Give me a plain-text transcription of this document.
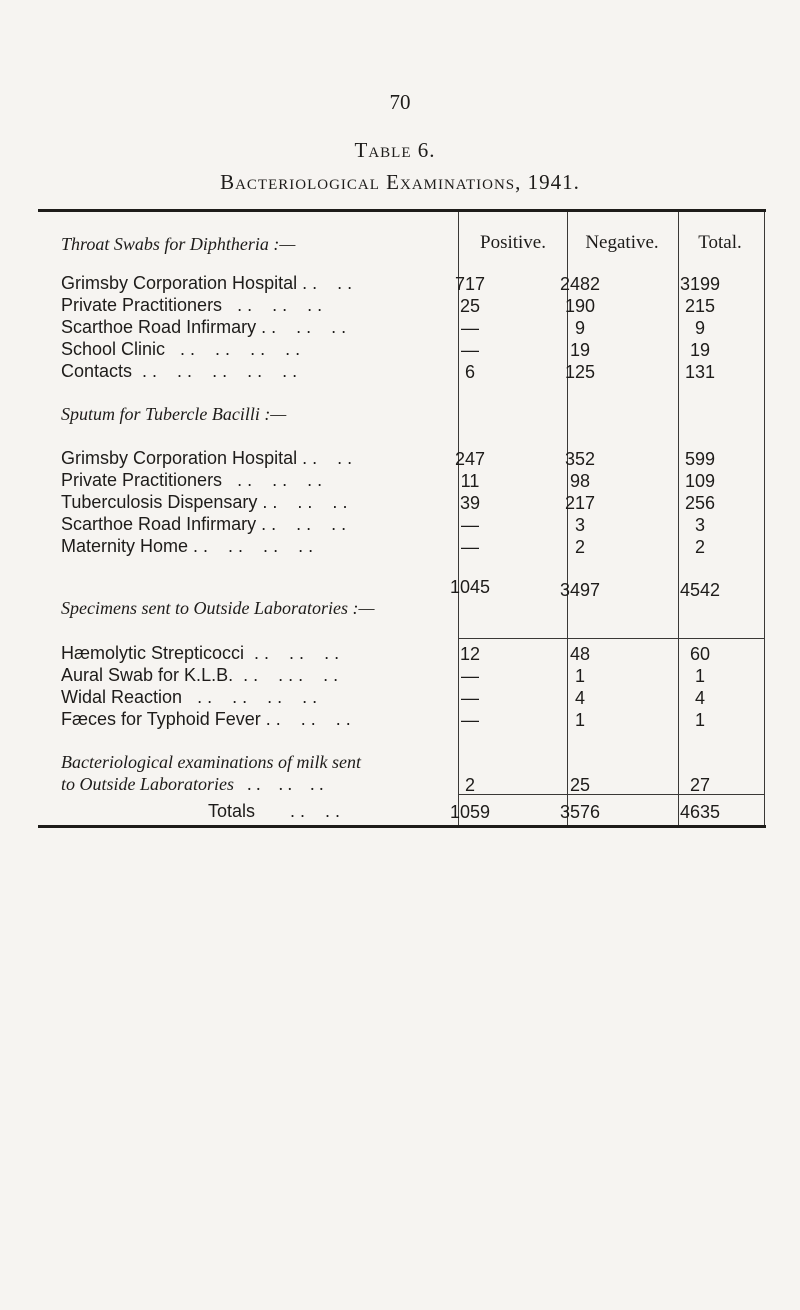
70
Table 6.
Bacteriological Examinations, 1941.
Throat Swabs for Diphtheria :—	Positive.	Negative.	Total.
Grimsby Corporation Hospital . .    . .	717	2482	3199
Private Practitioners   . .    . .    . .	25	190	215
Scarthoe Road Infirmary . .    . .    . .	—	9	9
School Clinic   . .    . .    . .    . .	—	19	19
Contacts  . .    . .    . .    . .    . .	6	125	131
Sputum for Tubercle Bacilli :—
Grimsby Corporation Hospital . .    . .	247	352	599
Private Practitioners   . .    . .    . .	11	98	109
Tuberculosis Dispensary . .    . .    . .	39	217	256
Scarthoe Road Infirmary . .    . .    . .	—	3	3
Maternity Home . .    . .    . .    . .	—	2	2
1045	3497	4542
Specimens sent to Outside Laboratories :—
Hæmolytic Strepticocci  . .    . .    . .	12	48	60
Aural Swab for K.L.B.  . .    . . .    . .	—	1	1
Widal Reaction   . .    . .    . .    . .	—	4	4
Fæces for Typhoid Fever . .    . .    . .	—	1	1
Bacteriological examinations of milk sent
to Outside Laboratories   . .    . .    . .	2	25	27
Totals       . .    . .	1059	3576	4635
